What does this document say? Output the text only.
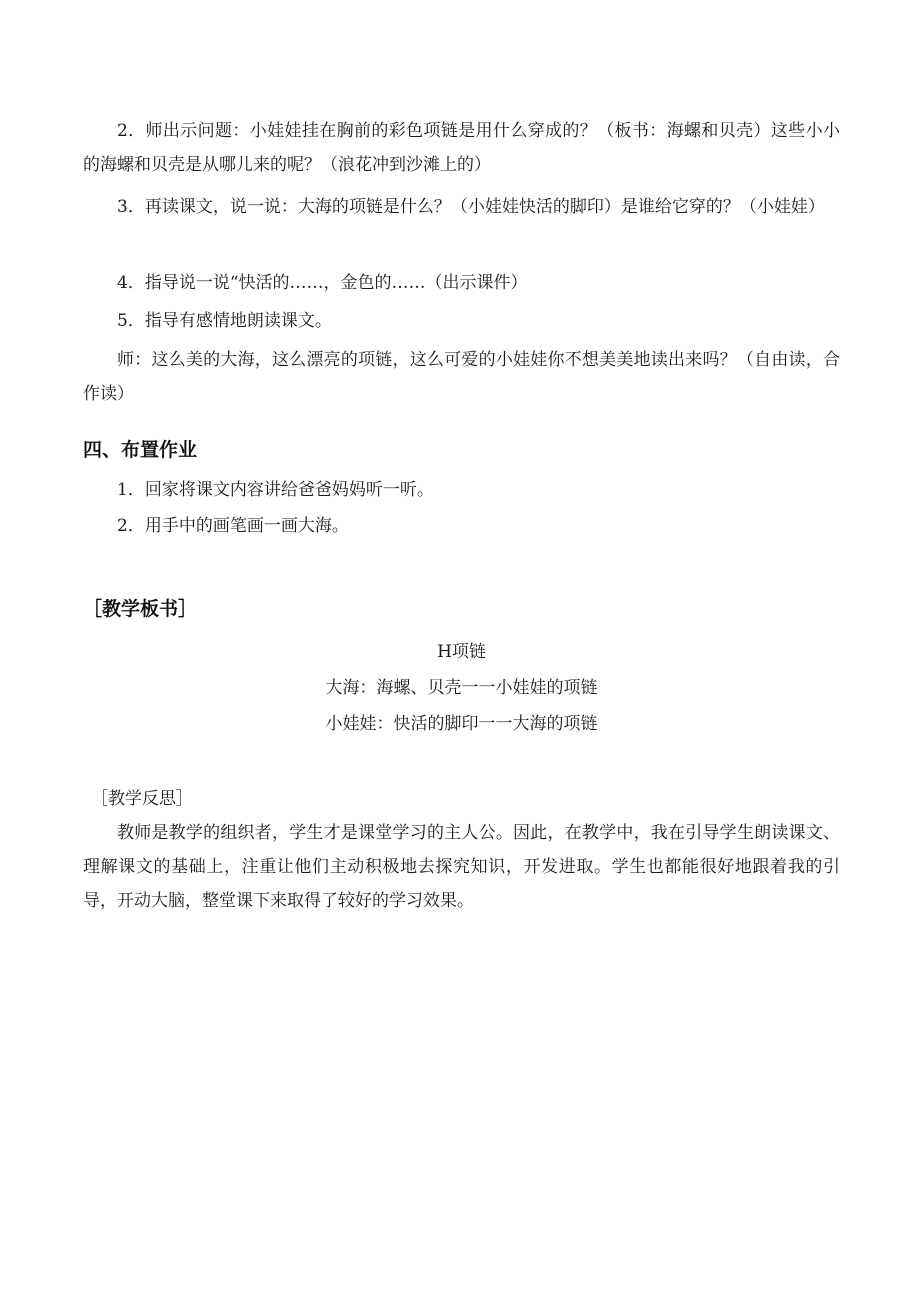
2．师出示问题：小娃娃挂在胸前的彩色项链是用什么穿成的？（板书：海螺和贝壳）这些小小的海螺和贝壳是从哪儿来的呢？（浪花冲到沙滩上的）

3．再读课文，说一说：大海的项链是什么？（小娃娃快活的脚印）是谁给它穿的？（小娃娃）

4．指导说一说“快活的……，金色的……（出示课件）

5．指导有感情地朗读课文。

师：这么美的大海，这么漂亮的项链，这么可爱的小娃娃你不想美美地读出来吗？（自由读，合作读）

四、布置作业

1．回家将课文内容讲给爸爸妈妈听一听。

2．用手中的画笔画一画大海。

［教学板书］

H项链

大海：海螺、贝壳一一小娃娃的项链

小娃娃：快活的脚印一一大海的项链

［教学反思］

教师是教学的组织者，学生才是课堂学习的主人公。因此，在教学中，我在引导学生朗读课文、理解课文的基础上，注重让他们主动积极地去探究知识，开发进取。学生也都能很好地跟着我的引导，开动大脑，整堂课下来取得了较好的学习效果。
